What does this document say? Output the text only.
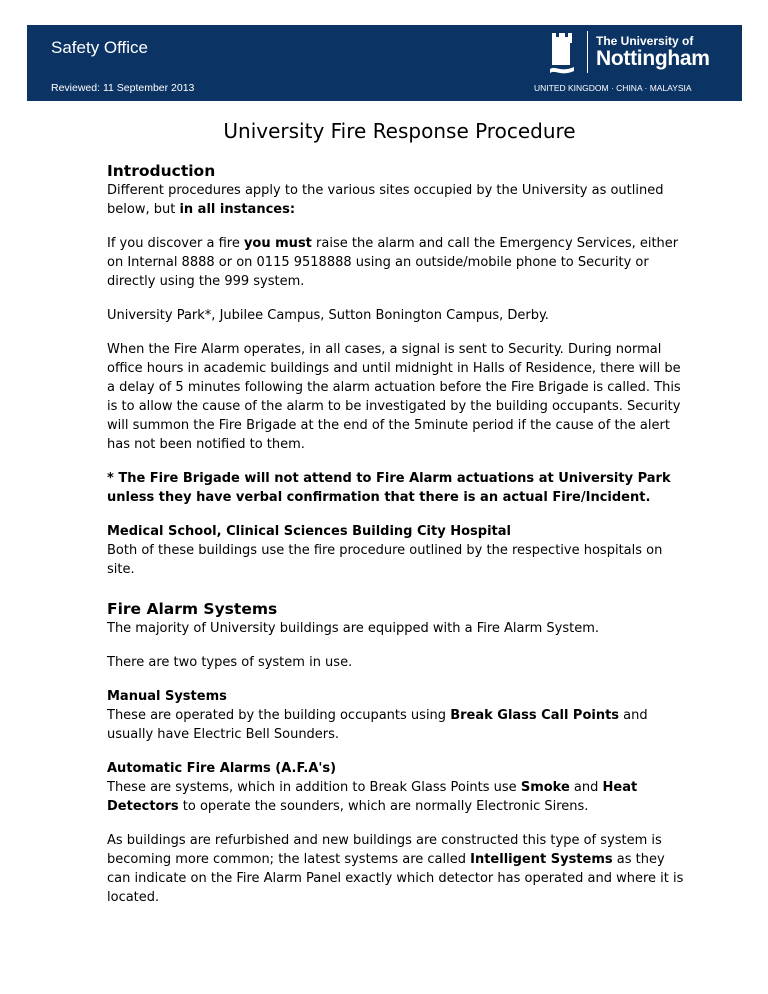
Safety Office
Reviewed: 11 September 2013
The University of
Nottingham
UNITED KINGDOM · CHINA · MALAYSIA
University Fire Response Procedure
Introduction

Different procedures apply to the various sites occupied by the University as outlined below, but in all instances:

If you discover a fire you must raise the alarm and call the Emergency Services, either on Internal 8888 or on 0115 9518888 using an outside/mobile phone to Security or directly using the 999 system.

University Park*, Jubilee Campus, Sutton Bonington Campus, Derby.

When the Fire Alarm operates, in all cases, a signal is sent to Security. During normal office hours in academic buildings and until midnight in Halls of Residence, there will be a delay of 5 minutes following the alarm actuation before the Fire Brigade is called. This is to allow the cause of the alarm to be investigated by the building occupants. Security will summon the Fire Brigade at the end of the 5minute period if the cause of the alert has not been notified to them.

* The Fire Brigade will not attend to Fire Alarm actuations at University Park unless they have verbal confirmation that there is an actual Fire/Incident.

Medical School, Clinical Sciences Building City Hospital
Both of these buildings use the fire procedure outlined by the respective hospitals on site.

Fire Alarm Systems

The majority of University buildings are equipped with a Fire Alarm System.

There are two types of system in use.

Manual Systems
These are operated by the building occupants using Break Glass Call Points and usually have Electric Bell Sounders.

Automatic Fire Alarms (A.F.A's)
These are systems, which in addition to Break Glass Points use Smoke and Heat Detectors to operate the sounders, which are normally Electronic Sirens.

As buildings are refurbished and new buildings are constructed this type of system is becoming more common; the latest systems are called Intelligent Systems as they can indicate on the Fire Alarm Panel exactly which detector has operated and where it is located.
